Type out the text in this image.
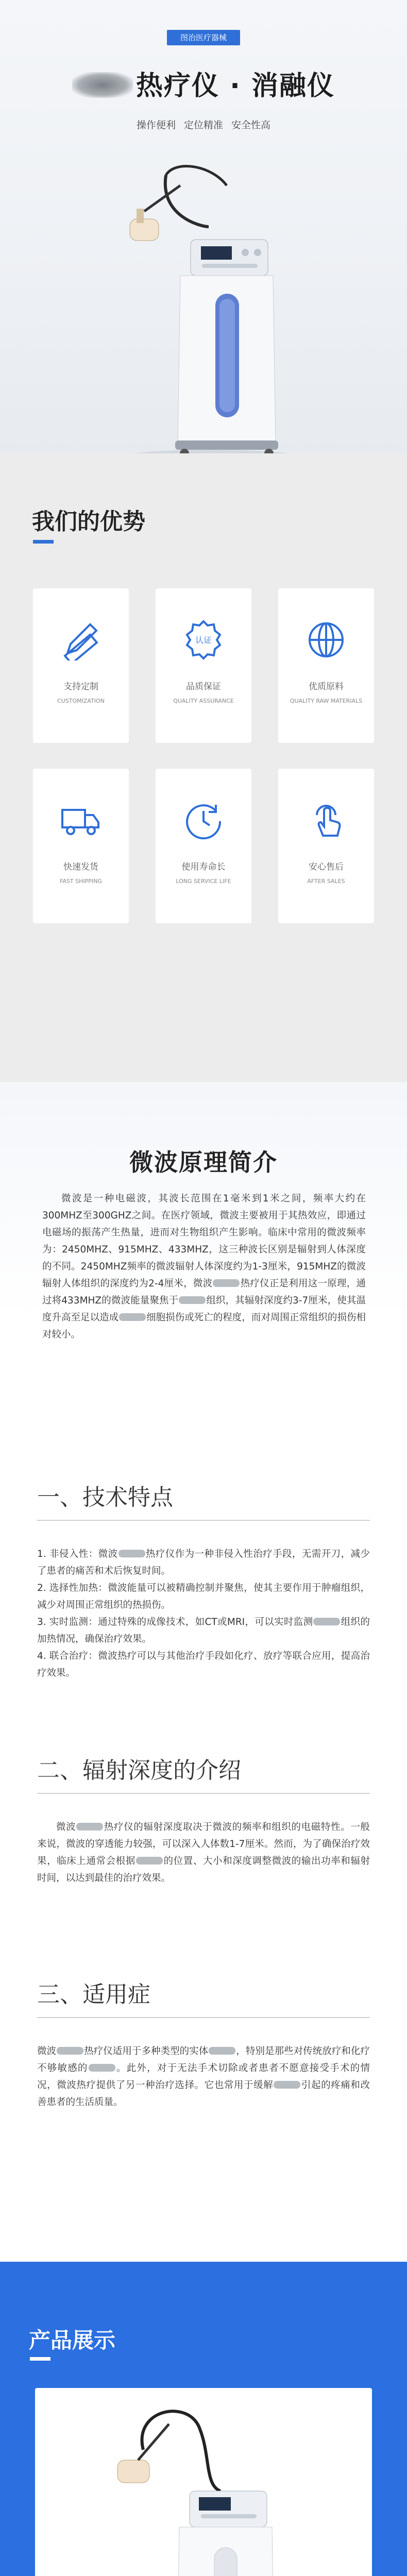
图治医疗器械
热疗仪 · 消融仪
操作便利 定位精准 安全性高
我们的优势
支持定制
CUSTOMIZATION
认证
品质保证
QUALITY ASSURANCE
优质原料
QUALITY RAW MATERIALS
快速发货
FAST SHIPPING
使用寿命长
LONG SERVICE LIFE
安心售后
AFTER SALES
微波原理简介
微波是一种电磁波，其波长范围在1毫米到1米之间，频率大约在300MHZ至300GHZ之间。在医疗领域，微波主要被用于其热效应，即通过电磁场的振荡产生热量，进而对生物组织产生影响。临床中常用的微波频率为：2450MHZ、915MHZ、433MHZ，这三种波长区别是辐射到人体深度的不同。2450MHZ频率的微波辐射人体深度约为1-3厘米，915MHZ的微波辐射人体组织的深度约为2-4厘米，微波	热疗仪正是利用这一原理，通过将433MHZ的微波能量聚焦于	组织，其辐射深度约3-7厘米，使其温度升高至足以造成	细胞损伤或死亡的程度，而对周围正常组织的损伤相对较小。
一、技术特点

1. 非侵入性：微波	热疗仪作为一种非侵入性治疗手段，无需开刀，减少了患者的痛苦和术后恢复时间。

2. 选择性加热：微波能量可以被精确控制并聚焦，使其主要作用于肿瘤组织，减少对周围正常组织的热损伤。

3. 实时监测：通过特殊的成像技术，如CT或MRI，可以实时监测	组织的加热情况，确保治疗效果。

4. 联合治疗：微波热疗可以与其他治疗手段如化疗、放疗等联合应用，提高治疗效果。

二、辐射深度的介绍
微波	热疗仪的辐射深度取决于微波的频率和组织的电磁特性。一般来说，微波的穿透能力较强，可以深入人体数1-7厘米。然而，为了确保治疗效果，临床上通常会根据	的位置、大小和深度调整微波的输出功率和辐射时间，以达到最佳的治疗效果。
三、适用症
微波	热疗仪适用于多种类型的实体	，特别是那些对传统放疗和化疗不够敏感的	。此外，对于无法手术切除或者患者不愿意接受手术的情况，微波热疗提供了另一种治疗选择。它也常用于缓解	引起的疼痛和改善患者的生活质量。
产品展示
